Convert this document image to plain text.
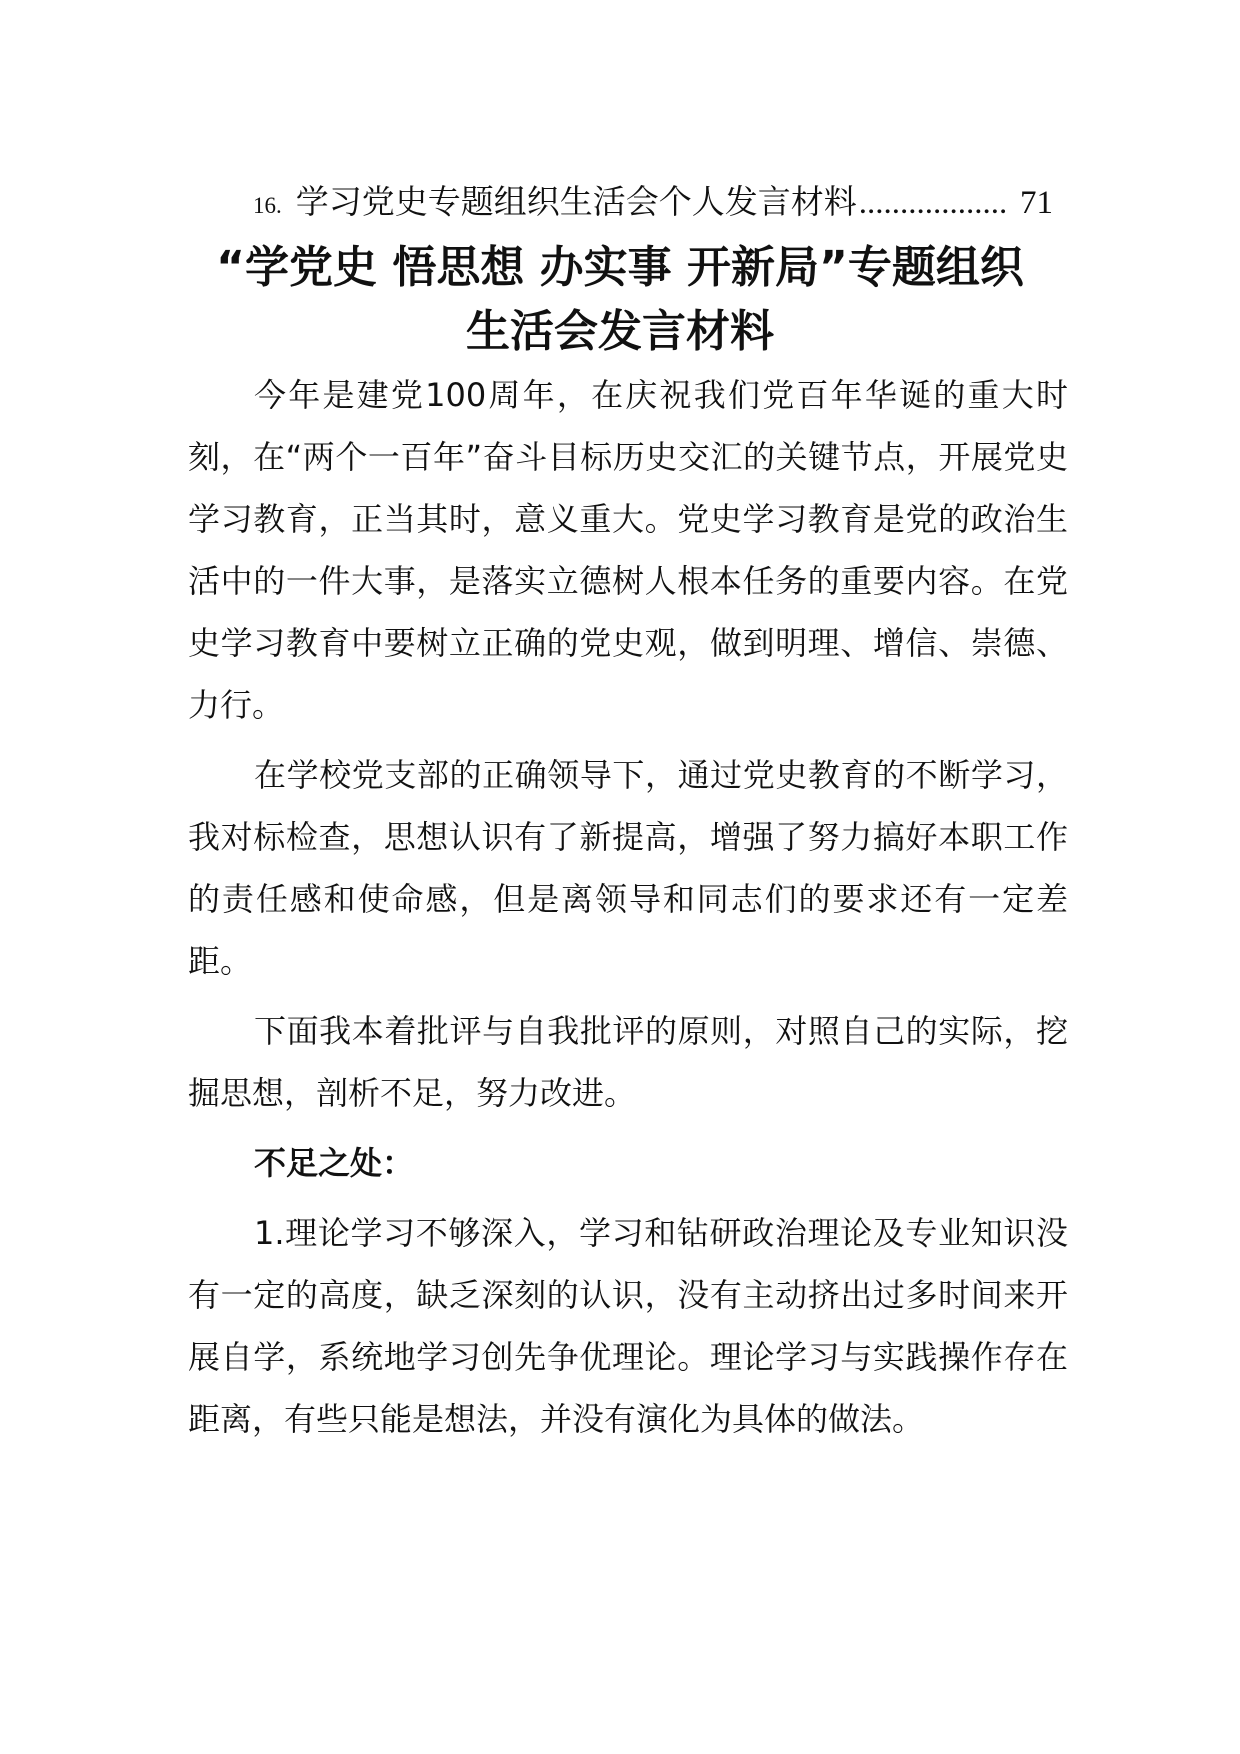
16. 学习党史专题组织生活会个人发言材料 .................. 71
“学党史 悟思想 办实事 开新局”专题组织
生活会发言材料

今年是建党100周年，在庆祝我们党百年华诞的重大时刻，在“两个一百年”奋斗目标历史交汇的关键节点，开展党史学习教育，正当其时，意义重大。党史学习教育是党的政治生活中的一件大事，是落实立德树人根本任务的重要内容。在党史学习教育中要树立正确的党史观，做到明理、增信、崇德、力行。

在学校党支部的正确领导下，通过党史教育的不断学习，我对标检查，思想认识有了新提高，增强了努力搞好本职工作的责任感和使命感，但是离领导和同志们的要求还有一定差距。

下面我本着批评与自我批评的原则，对照自己的实际，挖掘思想，剖析不足，努力改进。

不足之处：

1.理论学习不够深入，学习和钻研政治理论及专业知识没有一定的高度，缺乏深刻的认识，没有主动挤出过多时间来开展自学，系统地学习创先争优理论。理论学习与实践操作存在距离，有些只能是想法，并没有演化为具体的做法。
